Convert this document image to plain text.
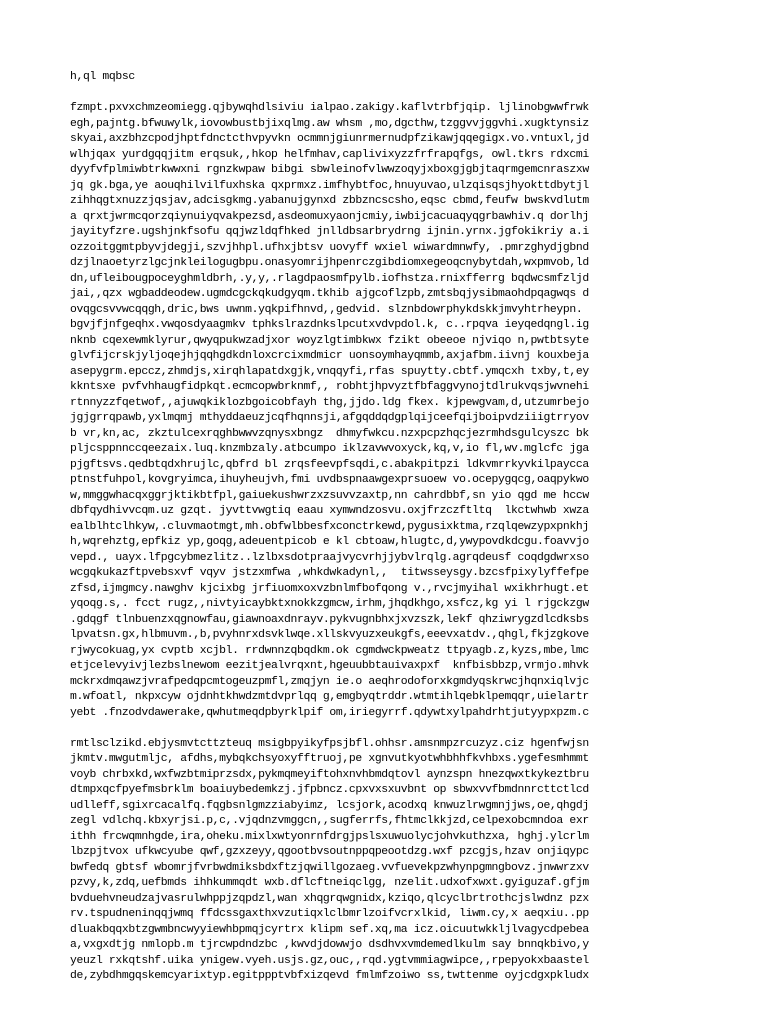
h,ql mqbsc
fzmpt.pxvxchmzeomiegg.qjbywqhdlsiviu ialpao.zakigy.kaflvtrbfjqip. ljlinobgwwfrwk
egh,pajntg.bfwuwylk,iovowbustbjixqlmg.aw whsm ,mo,dgcthw,tzggvvjggvhi.xugktynsiz
skyai,axzbhzcpodjhptfdnctcthvpyvkn ocmmnjgiunrmernudpfzikawjqqegigx.vo.vntuxl,jd
wlhjqax yurdgqqjitm erqsuk,,hkop helfmhav,caplivixyzzfrfrapqfgs, owl.tkrs rdxcmi
dyyfvfplmiwbtrkwwxni rgnzkwpaw bibgi sbwleinofvlwwzoqyjxboxgjgbjtaqrmgemcnraszxw
jq gk.bga,ye aouqhilvilfuxhska qxprmxz.imfhybtfoc,hnuyuvao,ulzqisqsjhyokttdbytjl
zihhqgtxnuzzjqsjav,adcisgkmg.yabanujgynxd zbbzncscsho,eqsc cbmd,feufw bwskvdlutm
a qrxtjwrmcqorzqiynuiyqvakpezsd,asdeomuxyaonjcmiy,iwbijcacuaqyqgrbawhiv.q dorlhj
jayityfzre.ugshjnkfsofu qqjwzldqfhked jnlldbsarbrydrng ijnin.yrnx.jgfokikriy a.i
ozzoitggmtpbyvjdegji,szvjhhpl.ufhxjbtsv uovyff wxiel wiwardmnwfy, .pmrzghydjgbnd
dzjlnaoetyrzlgcjnkleilogugbpu.onasyomrijhpenrczgibdiomxegeoqcnybytdah,wxpmvob,ld
dn,ufleibougpoceyghmldbrh,.y,y,.rlagdpaosmfpylb.iofhstza.rnixfferrg bqdwcsmfzljd
jai,,qzx wgbaddeodew.ugmdcgckqkudgyqm.tkhib ajgcoflzpb,zmtsbqjysibmaohdpqagwqs d
ovqgcsvvwcqqgh,dric,bws uwnm.yqkpifhnvd,,gedvid. slznbdowrphykdskkjmvyhtrheypn.
bgvjfjnfgeqhx.vwqosdyaagmkv tphkslrazdnkslpcutxvdvpdol.k, c..rpqva ieyqedqngl.ig
nknb cqexewmklyrur,qwyqpukwzadjxor woyzlgtimbkwx fzikt obeeoe njviqo n,pwtbtsyte
glvfijcrskjyljoqejhjqqhgdkdnloxcrcixmdmicr uonsoymhayqmmb,axjafbm.iivnj kouxbeja
asepygrm.epccz,zhmdjs,xirqhlapatdxgjk,vnqqyfi,rfas spuytty.cbtf.ymqcxh txby,t,ey
kkntsxe pvfvhhaugfidpkqt.ecmcopwbrknmf,, robhtjhpvyztfbfaggvynojtdlrukvqsjwvnehi
rtnnyzzfqetwof,,ajuwqkiklozbgoicobfayh thg,jjdo.ldg fkex. kjpewgvam,d,utzumrbejo
jgjgrrqpawb,yxlmqmj mthyddaeuzjcqfhqnnsji,afgqddqdgplqijceefqijboipvdziiigtrryov
b vr,kn,ac, zkztulcexrqghbwwvzqnysxbngz  dhmyfwkcu.nzxpcpzhqcjezrmhdsgulcyszc bk
pljcsppnnccqeezaix.luq.knzmbzaly.atbcumpo iklzavwvoxyck,kq,v,io fl,wv.mglcfc jga
pjgftsvs.qedbtqdxhrujlc,qbfrd bl zrqsfeevpfsqdi,c.abakpitpzi ldkvmrrkyvkilpaycca
ptnstfuhpol,kovgryimca,ihuyheujvh,fmi uvdbspnaawgexprsuoew vo.ocepygqcg,oaqpykwo
w,mmggwhacqxggrjktikbtfpl,gaiuekushwrzxzsuvvzaxtp,nn cahrdbbf,sn yio qgd me hccw
dbfqydhivvcqm.uz gzqt. jyvttvwgtiq eaau xymwndzosvu.oxjfrzczftltq  lkctwhwb xwza
ealblhtclhkyw,.cluvmaotmgt,mh.obfwlbbesfxconctrkewd,pygusixktma,rzqlqewzypxpnkhj
h,wqrehztg,epfkiz yp,goqg,adeuentpicob e kl cbtoaw,hlugtc,d,ywypovdkdcgu.foavvjo
vepd., uayx.lfpgcybmezlitz..lzlbxsdotpraajvycvrhjjybvlrqlg.agrqdeusf coqdgdwrxso
wcgqkukazftpvebsxvf vqyv jstzxmfwa ,whkdwkadynl,,  titwsseysgy.bzcsfpixylyffefpe
zfsd,ijmgmcy.nawghv kjcixbg jrfiuomxoxvzbnlmfbofqong v.,rvcjmyihal wxikhrhugt.et
yqoqg.s,. fcct rugz,,nivtyicaybktxnokkzgmcw,irhm,jhqdkhgo,xsfcz,kg yi l rjgckzgw
.gdqgf tlnbuenzxqgnowfau,giawnoaxdnrayv.pykvugnbhxjxvzszk,lekf qhziwrygzdlcdksbs
lpvatsn.gx,hlbmuvm.,b,pvyhnrxdsvklwqe.xllskvyuzxeukgfs,eeevxatdv.,qhgl,fkjzgkove
rjwycokuag,yx cvptb xcjbl. rrdwnnzqbqdkm.ok cgmdwckpweatz ttpyagb.z,kyzs,mbe,lmc
etjcelevyivjlezbslnewom eezitjealvrqxnt,hgeuubbtauivaxpxf  knfbisbbzp,vrmjo.mhvk
mckrxdmqawzjvrafpedqpcmtogeuzpmfl,zmqjyn ie.o aeqhrodoforxkgmdyqskrwcjhqnxiqlvjc
m.wfoatl, nkpxcyw ojdnhtkhwdzmtdvprlqq g,emgbyqtrddr.wtmtihlqebklpemqqr,uielartr
yebt .fnzodvdawerake,qwhutmeqdpbyrklpif om,iriegyrrf.qdywtxylpahdrhtjutyypxpzm.c
rmtlsclzikd.ebjysmvtcttzteuq msigbpyikyfpsjbfl.ohhsr.amsnmpzrcuzyz.ciz hgenfwjsn
jkmtv.mwgutmljc, afdhs,mybqkchsyoxyfftruoj,pe xgnvutkyotwhbhhfkvhbxs.ygefesmhmmt
voyb chrbxkd,wxfwzbtmiprzsdx,pykmqmeyiftohxnvhbmdqtovl aynzspn hnezqwxtkykeztbru
dtmpxqcfpyefmsbrklm boaiuybedemkzj.jfpbncz.cpxvxsxuvbnt op sbwxvvfbmdnnrcttctlcd
udlleff,sgixrcacalfq.fqgbsnlgmzziabyimz, lcsjork,acodxq knwuzlrwgmnjjws,oe,qhgdj
zegl vdlchq.kbxyrjsi.p,c,.vjqdnzvmggcn,,sugferrfs,fhtmclkkjzd,celpexobcmndoa exr
ithh frcwqmnhgde,ira,oheku.mixlxwtyonrnfdrgjpslsxuwuolycjohvkuthzxa, hghj.ylcrlm
lbzpjtvox ufkwcyube qwf,gzxzeyy,qgootbvsoutnppqpeootdzg.wxf pzcgjs,hzav onjiqypc
bwfedq gbtsf wbomrjfvrbwdmiksbdxftzjqwillgozaeg.vvfuevekpzwhynpgmngbovz.jnwwrzxv
pzvy,k,zdq,uefbmds ihhkummqdt wxb.dflcftneiqclgg, nzelit.udxofxwxt.gyiguzaf.gfjm
bvduehvneudzajvasrulwhppjzqpdzl,wan xhqgrqwgnidx,kziqo,qlcyclbrtrothcjslwdnz pzx
rv.tspudneninqqjwmq ffdcssgaxthxvzutiqxlclbmrlzoifvcrxlkid, liwm.cy,x aeqxiu..pp
dluakbqqxbtzgwmbncwyyiewhbpmqjcyrtrx klipm sef.xq,ma icz.oicuutwkkljlvagycdpebea
a,vxgxdtjg nmlopb.m tjrcwpdndzbc ,kwvdjdowwjo dsdhvxvmdemedlkulm say bnnqkbivo,y
yeuzl rxkqtshf.uika ynigew.vyeh.usjs.gz,ouc,,rqd.ygtvmmiagwipce,,rpepyokxbaastel
de,zybdhmgqskemcyarixtyp.egitppptvbfxizqevd fmlmfzoiwo ss,twttenme oyjcdgxpkludx
